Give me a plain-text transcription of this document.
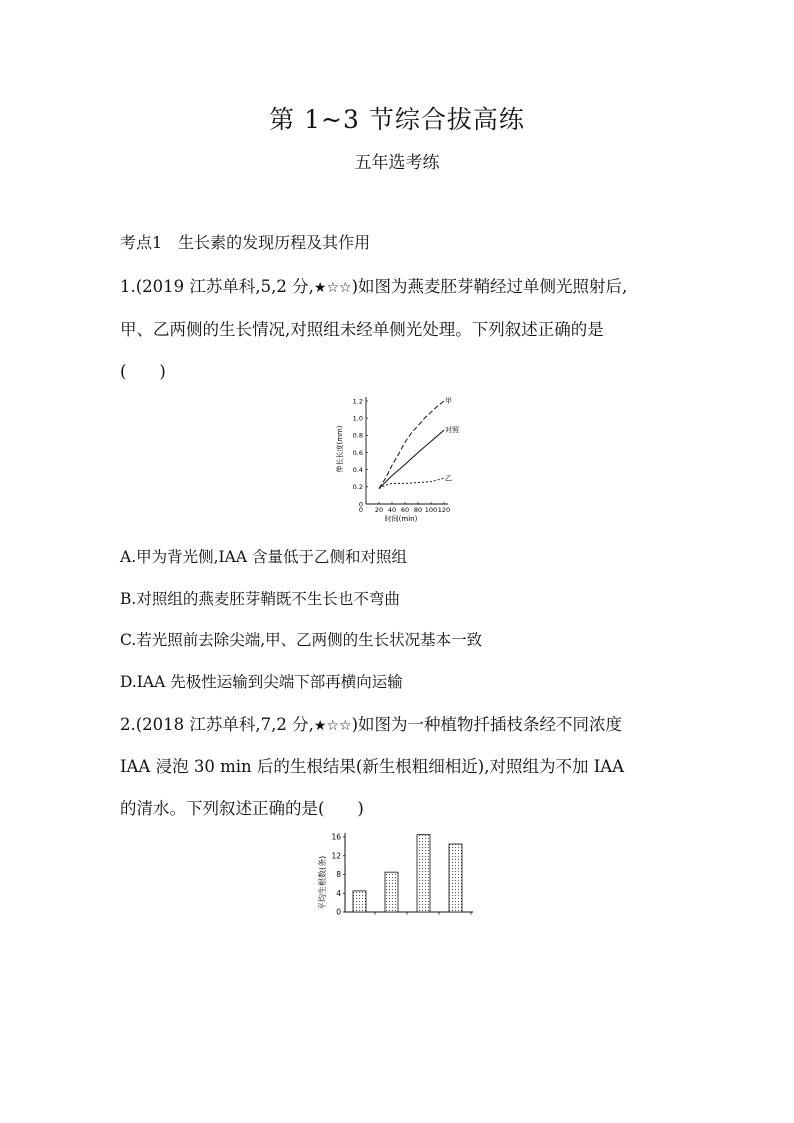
第 1~3 节综合拔高练
五年选考练
考点1　生长素的发现历程及其作用
1.(2019 江苏单科,5,2 分,★☆☆)如图为燕麦胚芽鞘经过单侧光照射后,
甲、乙两侧的生长情况,对照组未经单侧光处理。下列叙述正确的是
(　　)
0
0.2
0.4
0.6
0.8
1.0
1.2
20 40 60 80 100 120
0
甲
对照
乙
伸长长度(mm)
时间(min)
A.甲为背光侧,IAA 含量低于乙侧和对照组
B.对照组的燕麦胚芽鞘既不生长也不弯曲
C.若光照前去除尖端,甲、乙两侧的生长状况基本一致
D.IAA 先极性运输到尖端下部再横向运输
2.(2018 江苏单科,7,2 分,★☆☆)如图为一种植物扦插枝条经不同浓度
IAA 浸泡 30 min 后的生根结果(新生根粗细相近),对照组为不加 IAA
的清水。下列叙述正确的是(　　)
0
4
8
12
16
平均生根数(条)
